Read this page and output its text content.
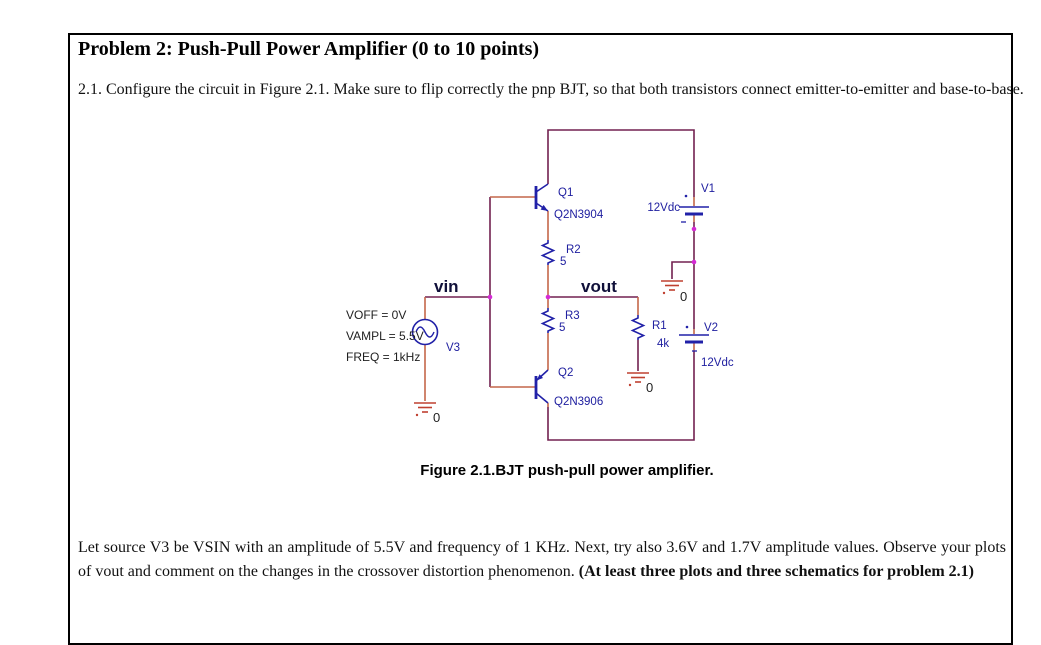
Problem 2: Push-Pull Power Amplifier (0 to 10 points)
2.1. Configure the circuit in Figure 2.1. Make sure to flip correctly the pnp BJT, so that both transistors connect emitter-to-emitter and base-to-base.
Q1
Q2N3904
R2
5
R3
5
Q2
Q2N3906
R1
4k
V1
12Vdc
V2
12Vdc
V3
VOFF = 0V
VAMPL = 5.5V
FREQ = 1kHz
vin	vout
0
0
0
Figure 2.1.BJT push-pull power amplifier.
Let source V3 be VSIN with an amplitude of 5.5V and frequency of 1 KHz. Next, try also 3.6V and 1.7V amplitude values. Observe your plots of vout and comment on the changes in the crossover distortion phenomenon. (At least three plots and three schematics for problem 2.1)
